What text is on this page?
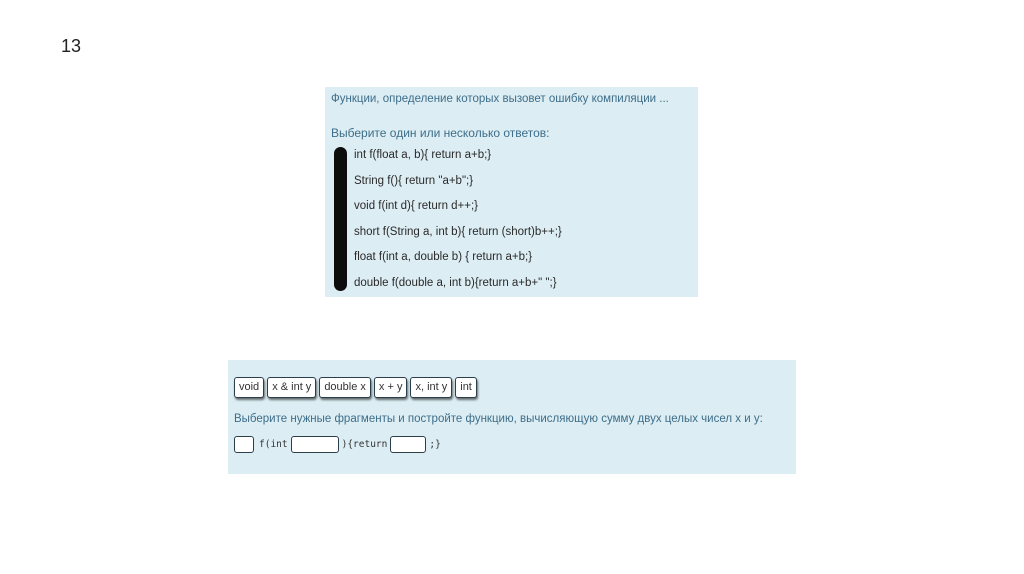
13
Функции, определение которых вызовет ошибку компиляции ...
Выберите один или несколько ответов:
int f(float a, b){ return a+b;}
String f(){ return "a+b";}
void f(int d){ return d++;}
short f(String a, int b){ return (short)b++;}
float f(int a, double b) { return a+b;}
double f(double a, int b){return a+b+" ";}
void	x & int y	double x	x + y	x, int y	int
Выберите нужные фрагменты и постройте функцию, вычисляющую сумму двух целых чисел x и y:
f(int	){return	;}
